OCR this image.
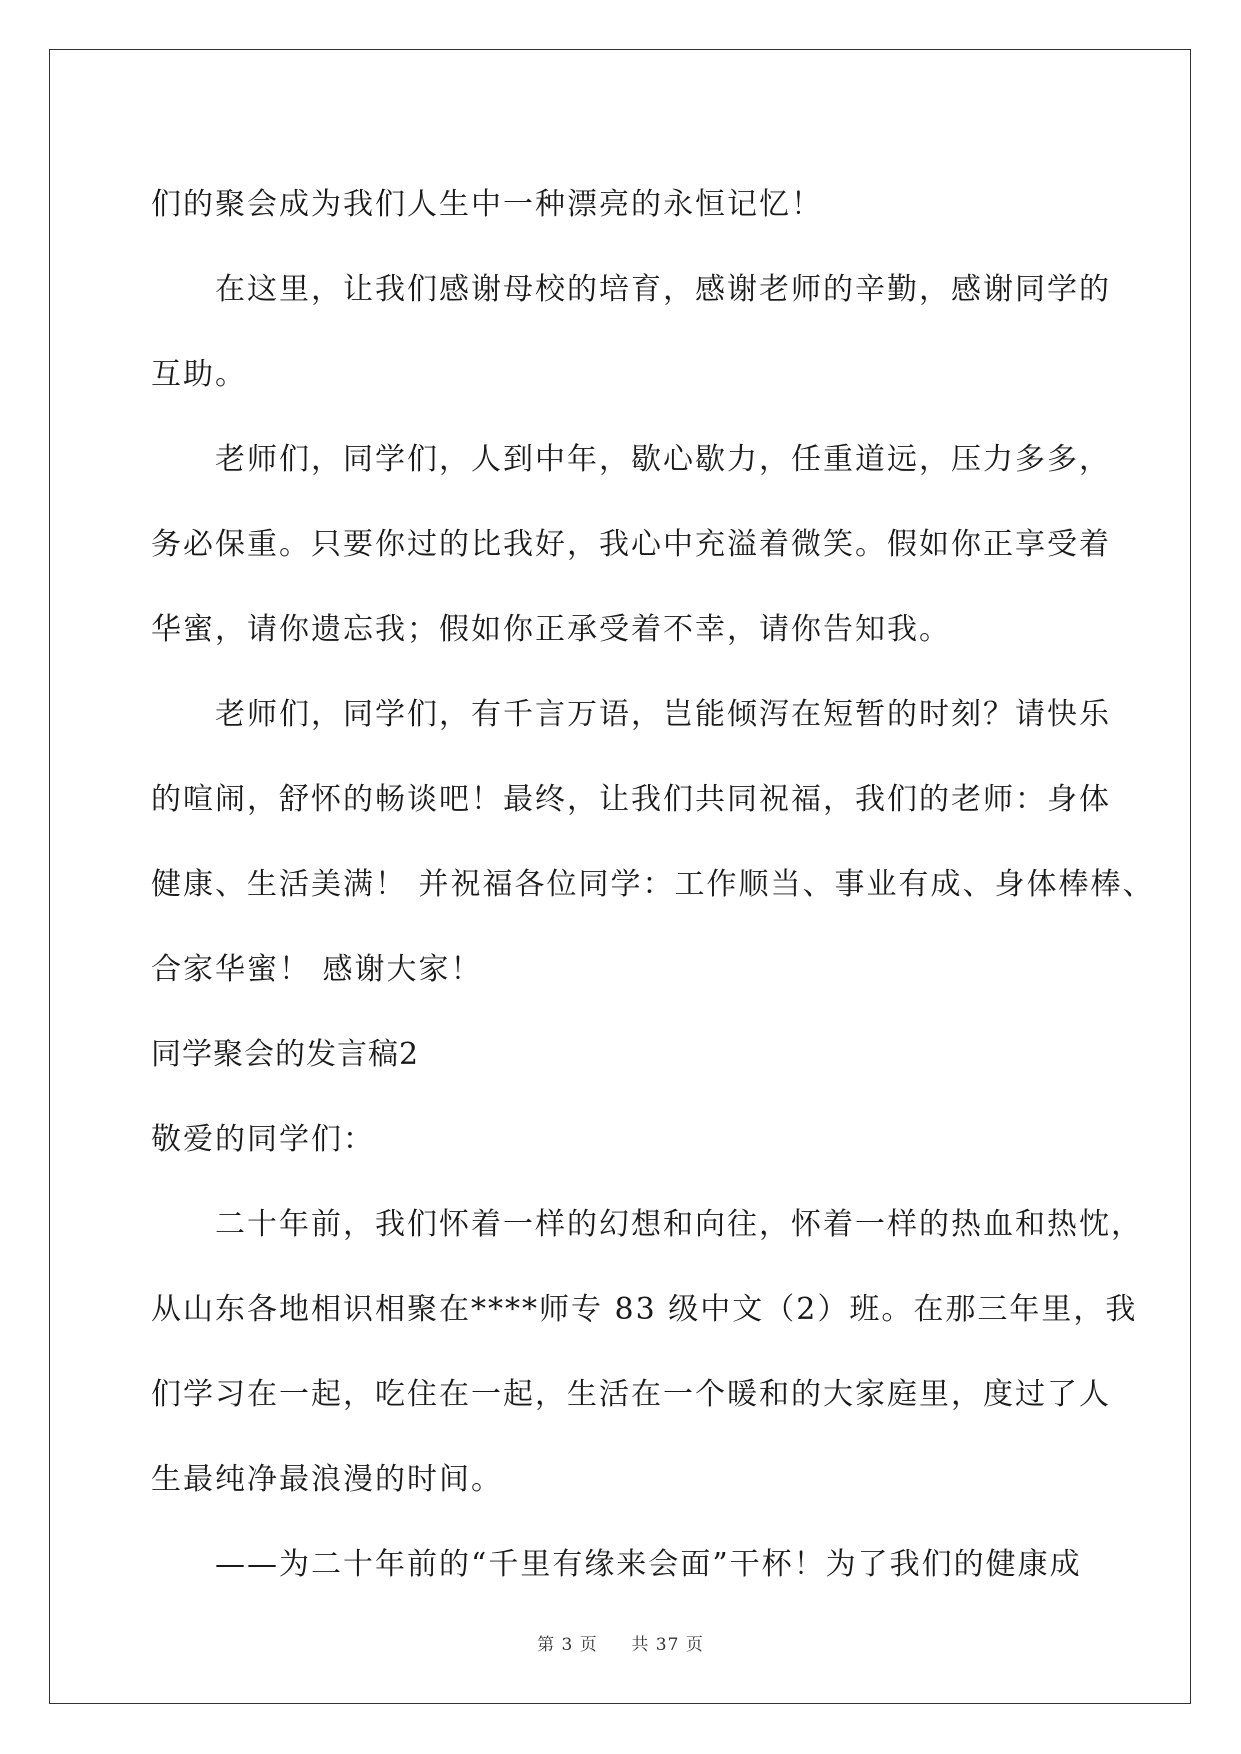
们的聚会成为我们人生中一种漂亮的永恒记忆！
在这里，让我们感谢母校的培育，感谢老师的辛勤，感谢同学的
互助。
老师们，同学们，人到中年，歇心歇力，任重道远，压力多多，
务必保重。只要你过的比我好，我心中充溢着微笑。假如你正享受着
华蜜，请你遗忘我；假如你正承受着不幸，请你告知我。
老师们，同学们，有千言万语，岂能倾泻在短暂的时刻？请快乐
的喧闹，舒怀的畅谈吧！最终，让我们共同祝福，我们的老师：身体
健康、生活美满！ 并祝福各位同学：工作顺当、事业有成、身体棒棒、
合家华蜜！ 感谢大家！
同学聚会的发言稿2
敬爱的同学们：
二十年前，我们怀着一样的幻想和向往，怀着一样的热血和热忱，
从山东各地相识相聚在****师专 83 级中文（2）班。在那三年里，我
们学习在一起，吃住在一起，生活在一个暖和的大家庭里，度过了人
生最纯净最浪漫的时间。
——为二十年前的“千里有缘来会面”干杯！为了我们的健康成
第 3 页 共 37 页
